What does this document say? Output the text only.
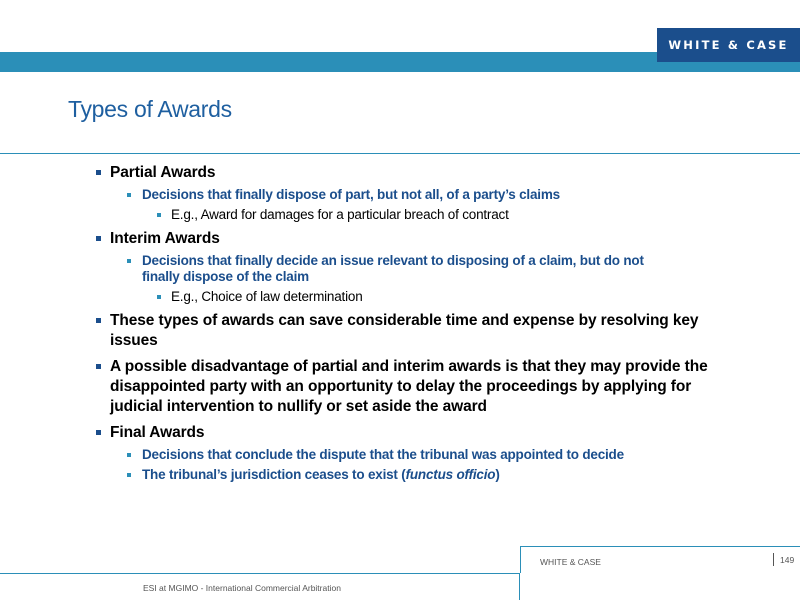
WHITE & CASE
Types of Awards
Partial Awards
Decisions that finally dispose of part, but not all, of a party’s claims
E.g., Award for damages for a particular breach of contract
Interim Awards
Decisions that finally decide an issue relevant to disposing of a claim, but do not finally dispose of the claim
E.g., Choice of law determination
These types of awards can save considerable time and expense by resolving key issues
A possible disadvantage of partial and interim awards is that they may provide the disappointed party with an opportunity to delay the proceedings by applying for judicial intervention to nullify or set aside the award
Final Awards
Decisions that conclude the dispute that the tribunal was appointed to decide
The tribunal’s jurisdiction ceases to exist (functus officio)
WHITE & CASE	149
ESI at MGIMO - International Commercial Arbitration
